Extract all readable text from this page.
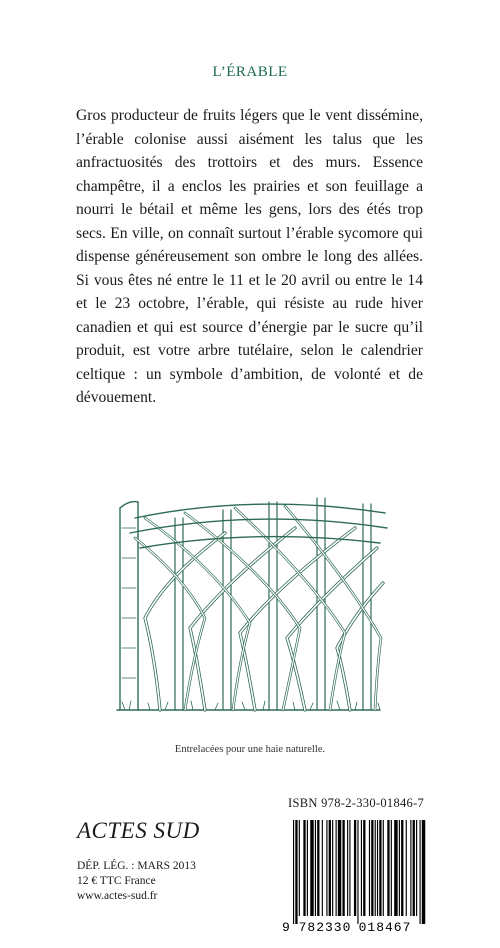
L’ÉRABLE

Gros producteur de fruits légers que le vent dissémine, l’érable colonise aussi aisément les talus que les anfractuosités des trottoirs et des murs. Essence champêtre, il a enclos les prairies et son feuillage a nourri le bétail et même les gens, lors des étés trop secs. En ville, on connaît surtout l’érable sycomore qui dispense généreusement son ombre le long des allées. Si vous êtes né entre le 11 et le 20 avril ou entre le 14 et le 23 octobre, l’érable, qui résiste au rude hiver canadien et qui est source d’énergie par le sucre qu’il produit, est votre arbre tutélaire, selon le calendrier celtique : un symbole d’ambition, de volonté et de dévouement.

Entrelacées pour une haie naturelle.
ISBN 978-2-330-01846-7
ACTES SUD
DÉP. LÉG. : MARS 2013
12 € TTC France
www.actes-sud.fr
9 782330 018467
